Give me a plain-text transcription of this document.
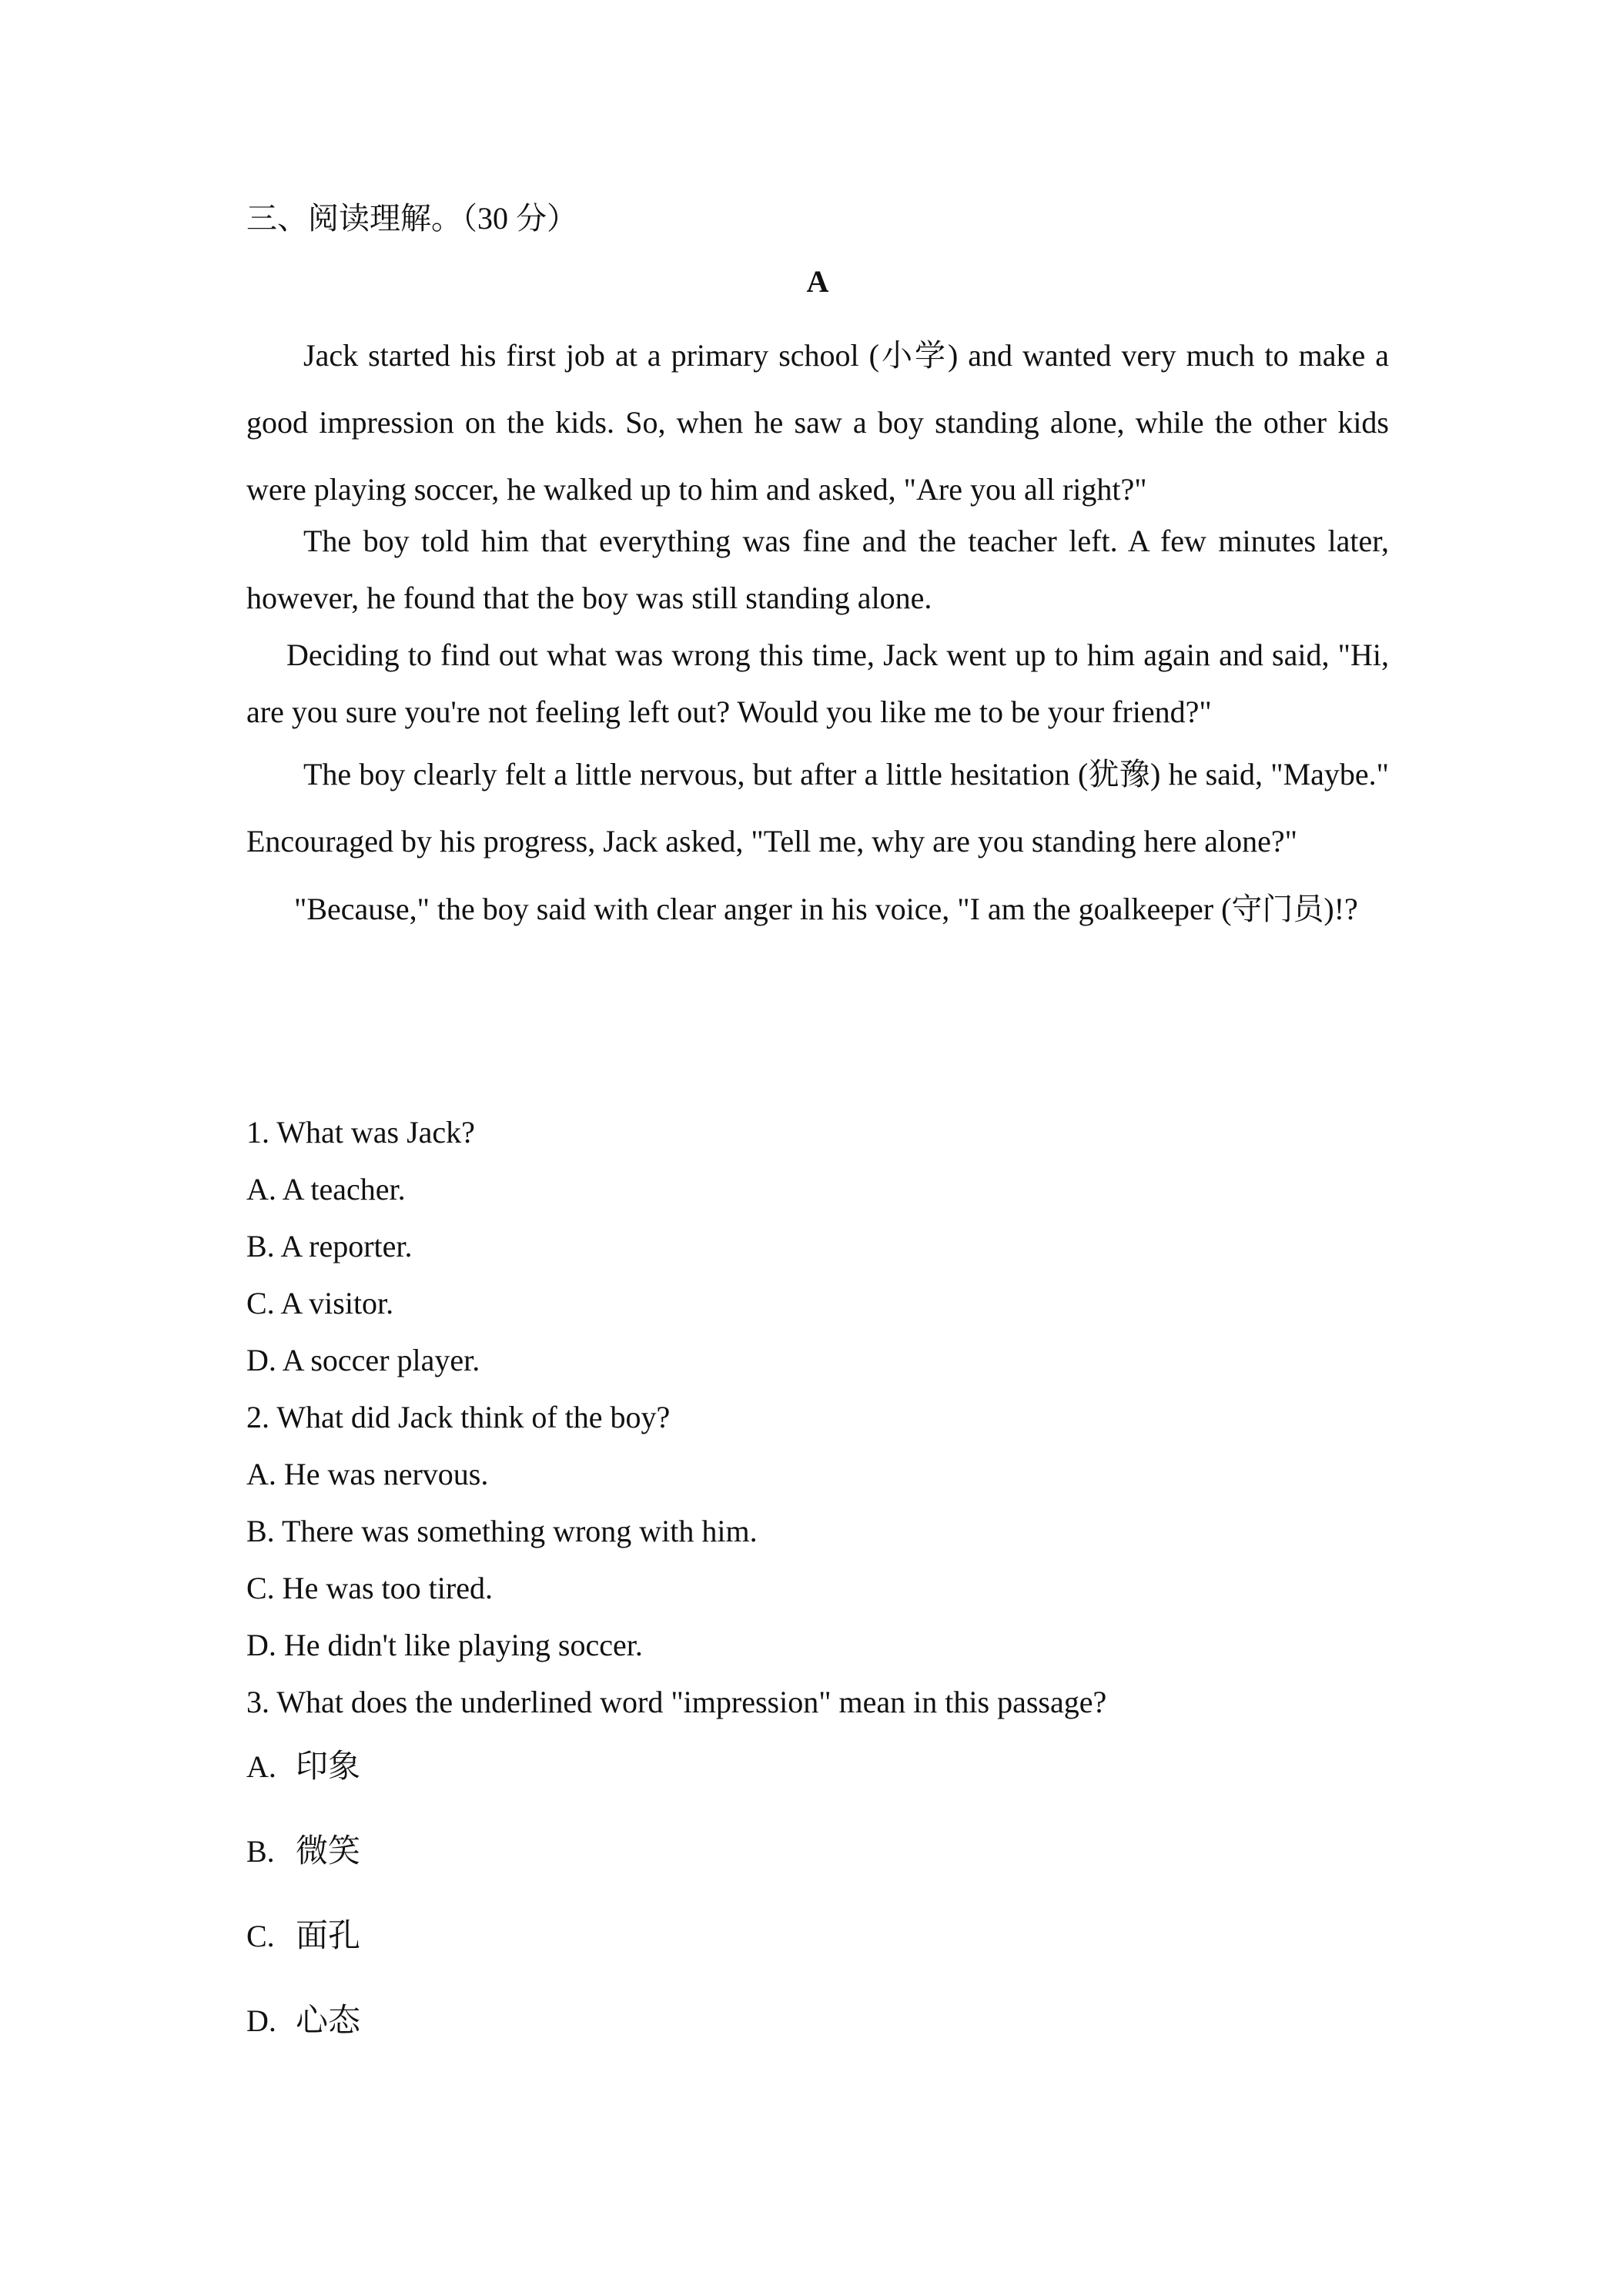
三、阅读理解。（30 分）
A

Jack started his first job at a primary school (小学) and wanted very much to make a good impression on the kids. So, when he saw a boy standing alone, while the other kids were playing soccer, he walked up to him and asked, "Are you all right?"

The boy told him that everything was fine and the teacher left. A few minutes later, however, he found that the boy was still standing alone.

Deciding to find out what was wrong this time, Jack went up to him again and said, "Hi, are you sure you're not feeling left out? Would you like me to be your friend?"

The boy clearly felt a little nervous, but after a little hesitation (犹豫) he said, "Maybe." Encouraged by his progress, Jack asked, "Tell me, why are you standing here alone?"

"Because," the boy said with clear anger in his voice, "I am the goalkeeper (守门员)!?

1. What was Jack?
A. A teacher.
B. A reporter.
C. A visitor.
D. A soccer player.
2. What did Jack think of the boy?
A. He was nervous.
B. There was something wrong with him.
C. He was too tired.
D. He didn't like playing soccer.
3. What does the underlined word "impression" mean in this passage?
A. 印象
B. 微笑
C. 面孔
D. 心态
